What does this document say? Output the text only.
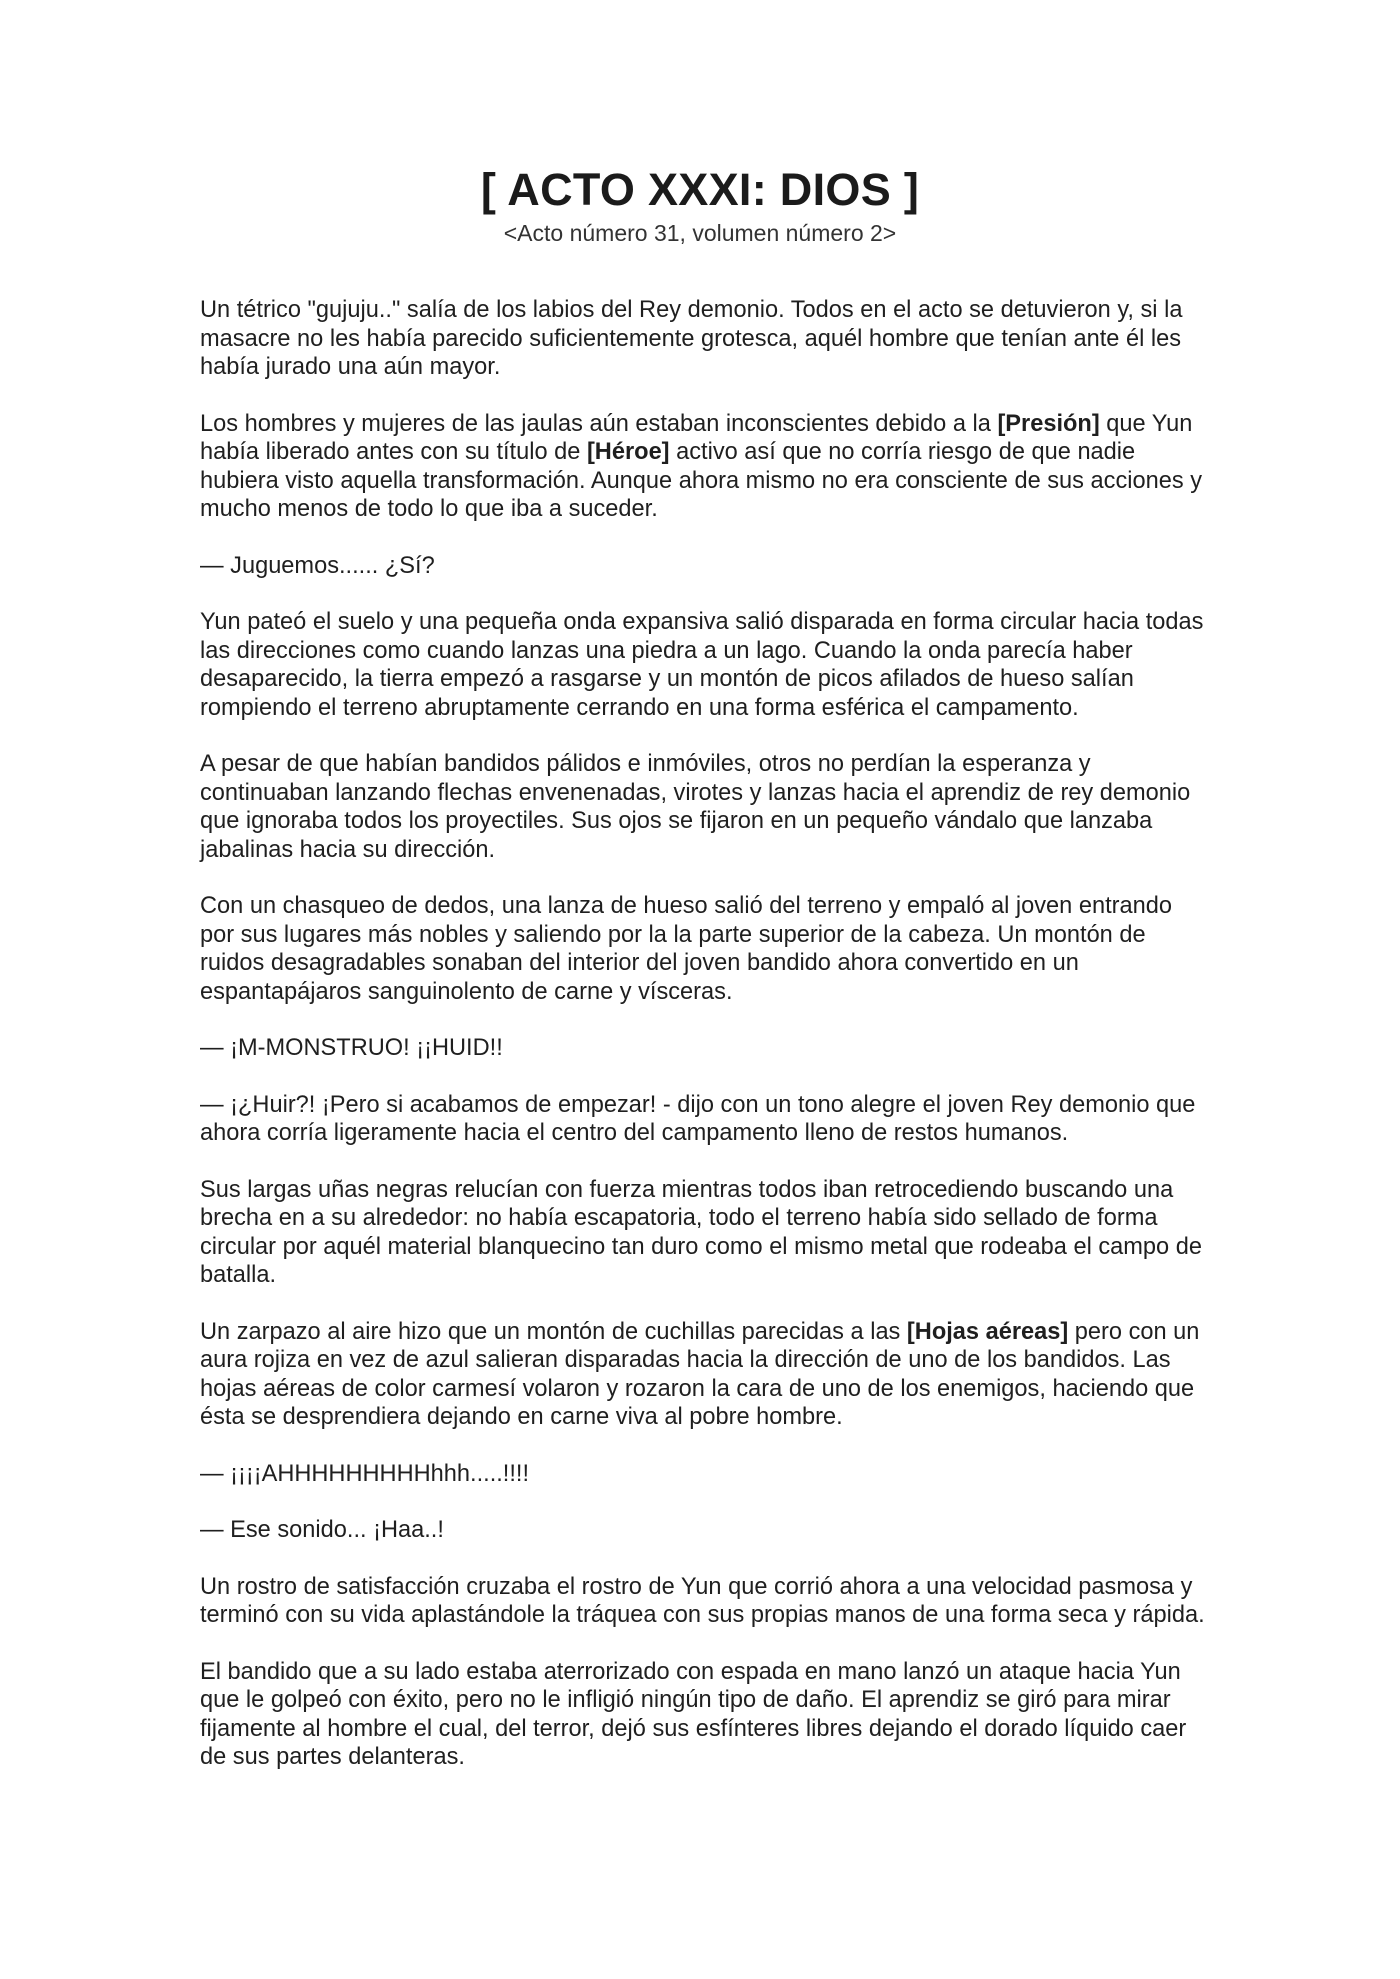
[ ACTO XXXI: DIOS ]

<Acto número 31, volumen número 2>

Un tétrico "gujuju.." salía de los labios del Rey demonio. Todos en el acto se detuvieron y, si la masacre no les había parecido suficientemente grotesca, aquél hombre que tenían ante él les había jurado una aún mayor.

Los hombres y mujeres de las jaulas aún estaban inconscientes debido a la [Presión] que Yun había liberado antes con su título de [Héroe] activo así que no corría riesgo de que nadie hubiera visto aquella transformación. Aunque ahora mismo no era consciente de sus acciones y mucho menos de todo lo que iba a suceder.

— Juguemos...... ¿Sí?

Yun pateó el suelo y una pequeña onda expansiva salió disparada en forma circular hacia todas las direcciones como cuando lanzas una piedra a un lago. Cuando la onda parecía haber desaparecido, la tierra empezó a rasgarse y un montón de picos afilados de hueso salían rompiendo el terreno abruptamente cerrando en una forma esférica el campamento.

A pesar de que habían bandidos pálidos e inmóviles, otros no perdían la esperanza y continuaban lanzando flechas envenenadas, virotes y lanzas hacia el aprendiz de rey demonio que ignoraba todos los proyectiles. Sus ojos se fijaron en un pequeño vándalo que lanzaba jabalinas hacia su dirección.

Con un chasqueo de dedos, una lanza de hueso salió del terreno y empaló al joven entrando por sus lugares más nobles y saliendo por la la parte superior de la cabeza. Un montón de ruidos desagradables sonaban del interior del joven bandido ahora convertido en un espantapájaros sanguinolento de carne y vísceras.

— ¡M-MONSTRUO! ¡¡HUID!!

— ¡¿Huir?! ¡Pero si acabamos de empezar! - dijo con un tono alegre el joven Rey demonio que ahora corría ligeramente hacia el centro del campamento lleno de restos humanos.

Sus largas uñas negras relucían con fuerza mientras todos iban retrocediendo buscando una brecha en a su alrededor: no había escapatoria, todo el terreno había sido sellado de forma circular por aquél material blanquecino tan duro como el mismo metal que rodeaba el campo de batalla.

Un zarpazo al aire hizo que un montón de cuchillas parecidas a las [Hojas aéreas] pero con un aura rojiza en vez de azul salieran disparadas hacia la dirección de uno de los bandidos. Las hojas aéreas de color carmesí volaron y rozaron la cara de uno de los enemigos, haciendo que ésta se desprendiera dejando en carne viva al pobre hombre.

— ¡¡¡¡AHHHHHHHHHhhh.....!!!!

— Ese sonido... ¡Haa..!

Un rostro de satisfacción cruzaba el rostro de Yun que corrió ahora a una velocidad pasmosa y terminó con su vida aplastándole la tráquea con sus propias manos de una forma seca y rápida.

El bandido que a su lado estaba aterrorizado con espada en mano lanzó un ataque hacia Yun que le golpeó con éxito, pero no le infligió ningún tipo de daño. El aprendiz se giró para mirar fijamente al hombre el cual, del terror, dejó sus esfínteres libres dejando el dorado líquido caer de sus partes delanteras.
